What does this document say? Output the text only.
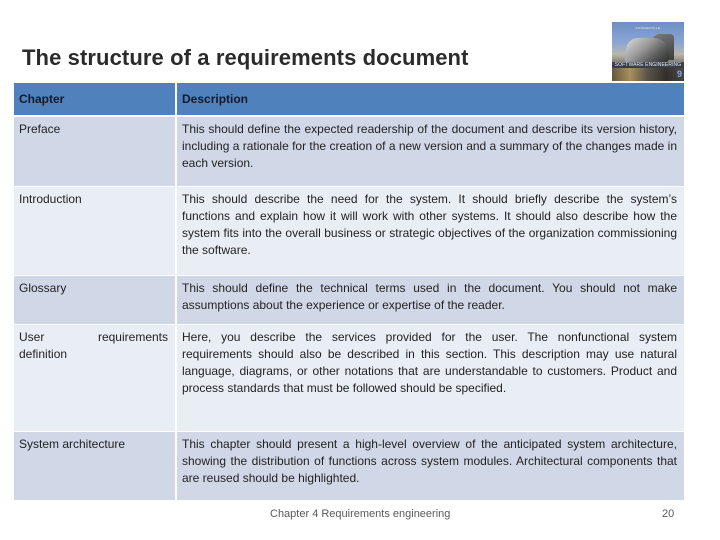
The structure of a requirements document
SOMMERVILLE
SOFTWARE ENGINEERING
9
Chapter	Description
Preface	This should define the expected readership of the document and describe its version history, including a rationale for the creation of a new version and a summary of the changes made in each version.
Introduction	This should describe the need for the system. It should briefly describe the system’s functions and explain how it will work with other systems. It should also describe how the system fits into the overall business or strategic objectives of the organization commissioning the software.
Glossary	This should define the technical terms used in the document. You should not make assumptions about the experience or expertise of the reader.
User requirements definition	Here, you describe the services provided for the user. The nonfunctional system requirements should also be described in this section. This description may use natural language, diagrams, or other notations that are understandable to customers. Product and process standards that must be followed should be specified.
System architecture	This chapter should present a high-level overview of the anticipated system architecture, showing the distribution of functions across system modules. Architectural components that are reused should be highlighted.
Chapter 4 Requirements engineering	20
